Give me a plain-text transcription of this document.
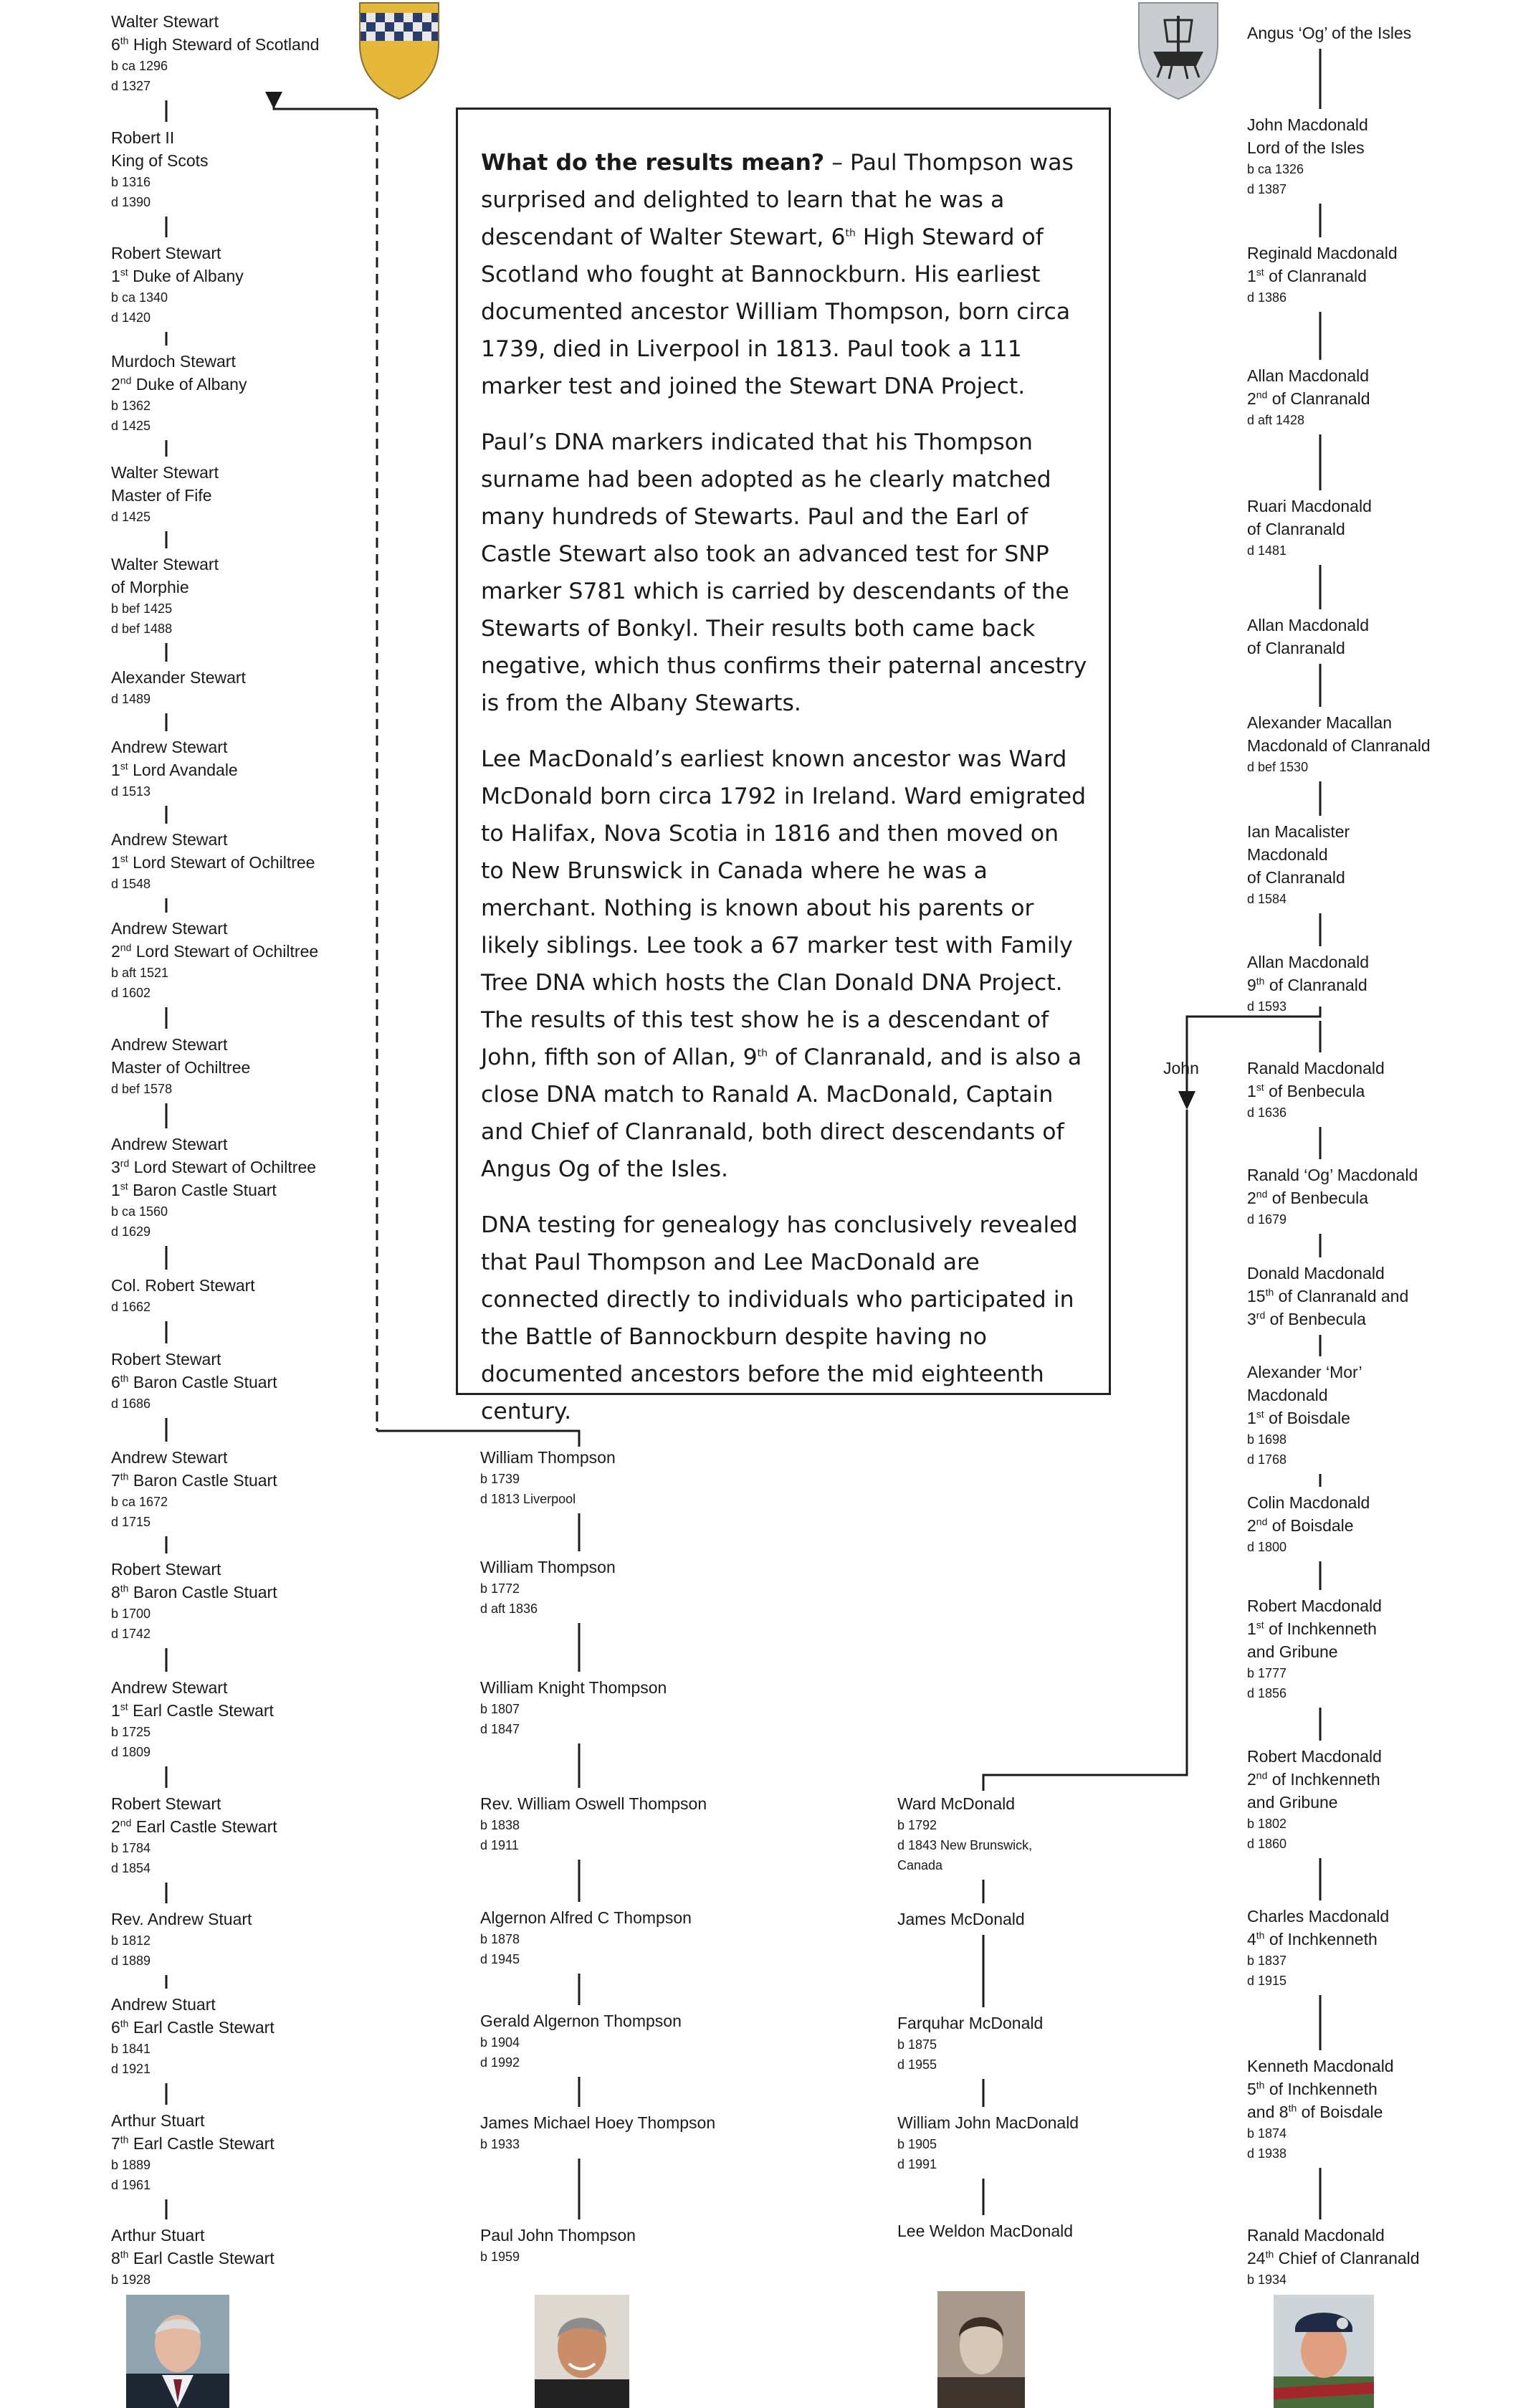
What do the results mean? – Paul Thompson was surprised and delighted to learn that he was a descendant of Walter Stewart, 6th High Steward of Scotland who fought at Bannockburn. His earliest documented ancestor William Thompson, born circa 1739, died in Liverpool in 1813. Paul took a 111 marker test and joined the Stewart DNA Project.

Paul’s DNA markers indicated that his Thompson surname had been adopted as he clearly matched many hundreds of Stewarts. Paul and the Earl of Castle Stewart also took an advanced test for SNP marker S781 which is carried by descendants of the Stewarts of Bonkyl. Their results both came back negative, which thus confirms their paternal ancestry is from the Albany Stewarts.

Lee MacDonald’s earliest known ancestor was Ward McDonald born circa 1792 in Ireland. Ward emigrated to Halifax, Nova Scotia in 1816 and then moved on to New Brunswick in Canada where he was a merchant. Nothing is known about his parents or likely siblings. Lee took a 67 marker test with Family Tree DNA which hosts the Clan Donald DNA Project. The results of this test show he is a descendant of John, fifth son of Allan, 9th of Clanranald, and is also a close DNA match to Ranald A. MacDonald, Captain and Chief of Clanranald, both direct descendants of Angus Og of the Isles.

DNA testing for genealogy has conclusively revealed that Paul Thompson and Lee MacDonald are connected directly to individuals who participated in the Battle of Bannockburn despite having no documented ancestors before the mid eighteenth century.

John
Walter Stewart
6th High Steward of Scotland
b ca 1296
d 1327
Robert II
King of Scots
b 1316
d 1390
Robert Stewart
1st Duke of Albany
b ca 1340
d 1420
Murdoch Stewart
2nd Duke of Albany
b 1362
d 1425
Walter Stewart
Master of Fife
d 1425
Walter Stewart
of Morphie
b bef 1425
d bef 1488
Alexander Stewart
d 1489
Andrew Stewart
1st Lord Avandale
d 1513
Andrew Stewart
1st Lord Stewart of Ochiltree
d 1548
Andrew Stewart
2nd Lord Stewart of Ochiltree
b aft 1521
d 1602
Andrew Stewart
Master of Ochiltree
d bef 1578
Andrew Stewart
3rd Lord Stewart of Ochiltree
1st Baron Castle Stuart
b ca 1560
d 1629
Col. Robert Stewart
d 1662
Robert Stewart
6th Baron Castle Stuart
d 1686
Andrew Stewart
7th Baron Castle Stuart
b ca 1672
d 1715
Robert Stewart
8th Baron Castle Stuart
b 1700
d 1742
Andrew Stewart
1st Earl Castle Stewart
b 1725
d 1809
Robert Stewart
2nd Earl Castle Stewart
b 1784
d 1854
Rev. Andrew Stuart
b 1812
d 1889
Andrew Stuart
6th Earl Castle Stewart
b 1841
d 1921
Arthur Stuart
7th Earl Castle Stewart
b 1889
d 1961
Arthur Stuart
8th Earl Castle Stewart
b 1928
William Thompson
b 1739
d 1813 Liverpool
William Thompson
b 1772
d aft 1836
William Knight Thompson
b 1807
d 1847
Rev. William Oswell Thompson
b 1838
d 1911
Algernon Alfred C Thompson
b 1878
d 1945
Gerald Algernon Thompson
b 1904
d 1992
James Michael Hoey Thompson
b 1933
Paul John Thompson
b 1959
Ward McDonald
b 1792
d 1843 New Brunswick,
Canada
James McDonald
Farquhar McDonald
b 1875
d 1955
William John MacDonald
b 1905
d 1991
Lee Weldon MacDonald
Angus ‘Og’ of the Isles
John Macdonald
Lord of the Isles
b ca 1326
d 1387
Reginald Macdonald
1st of Clanranald
d 1386
Allan Macdonald
2nd of Clanranald
d aft 1428
Ruari Macdonald
of Clanranald
d 1481
Allan Macdonald
of Clanranald
Alexander Macallan
Macdonald of Clanranald
d bef 1530
Ian Macalister
Macdonald
of Clanranald
d 1584
Allan Macdonald
9th of Clanranald
d 1593
Ranald Macdonald
1st of Benbecula
d 1636
Ranald ‘Og’ Macdonald
2nd of Benbecula
d 1679
Donald Macdonald
15th of Clanranald and
3rd of Benbecula
Alexander ‘Mor’
Macdonald
1st of Boisdale
b 1698
d 1768
Colin Macdonald
2nd of Boisdale
d 1800
Robert Macdonald
1st of Inchkenneth
and Gribune
b 1777
d 1856
Robert Macdonald
2nd of Inchkenneth
and Gribune
b 1802
d 1860
Charles Macdonald
4th of Inchkenneth
b 1837
d 1915
Kenneth Macdonald
5th of Inchkenneth
and 8th of Boisdale
b 1874
d 1938
Ranald Macdonald
24th Chief of Clanranald
b 1934
